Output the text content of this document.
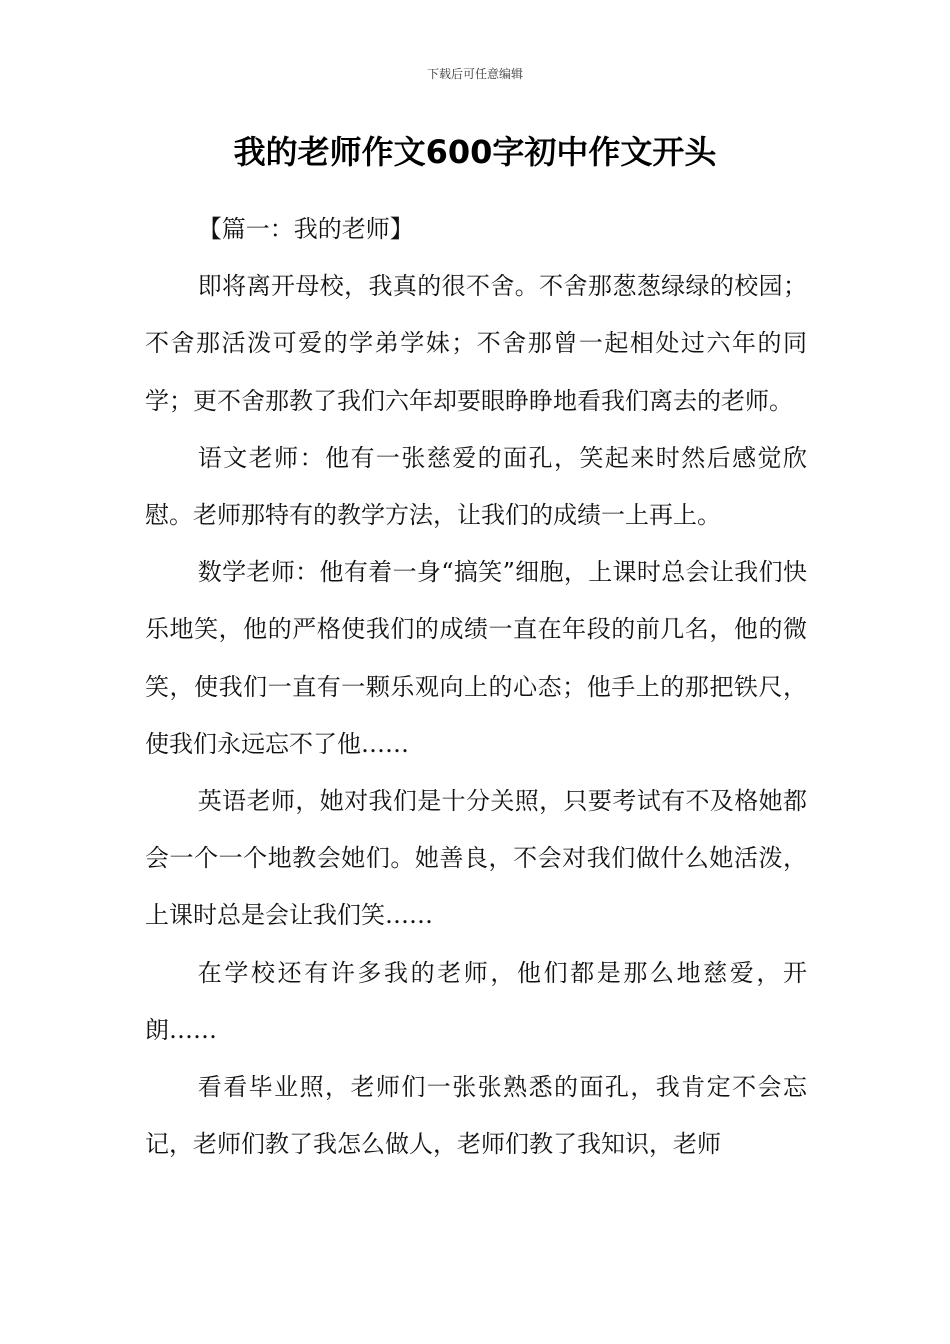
下载后可任意编辑
我的老师作文600字初中作文开头

【篇一：我的老师】

即将离开母校，我真的很不舍。不舍那葱葱绿绿的校园；不舍那活泼可爱的学弟学妹；不舍那曾一起相处过六年的同学；更不舍那教了我们六年却要眼睁睁地看我们离去的老师。

语文老师：他有一张慈爱的面孔，笑起来时然后感觉欣慰。老师那特有的教学方法，让我们的成绩一上再上。

数学老师：他有着一身“搞笑”细胞，上课时总会让我们快乐地笑，他的严格使我们的成绩一直在年段的前几名，他的微笑，使我们一直有一颗乐观向上的心态；他手上的那把铁尺，使我们永远忘不了他……

英语老师，她对我们是十分关照，只要考试有不及格她都会一个一个地教会她们。她善良，不会对我们做什么她活泼，上课时总是会让我们笑……

在学校还有许多我的老师，他们都是那么地慈爱，开朗……

看看毕业照，老师们一张张熟悉的面孔，我肯定不会忘记，老师们教了我怎么做人，老师们教了我知识，老师
